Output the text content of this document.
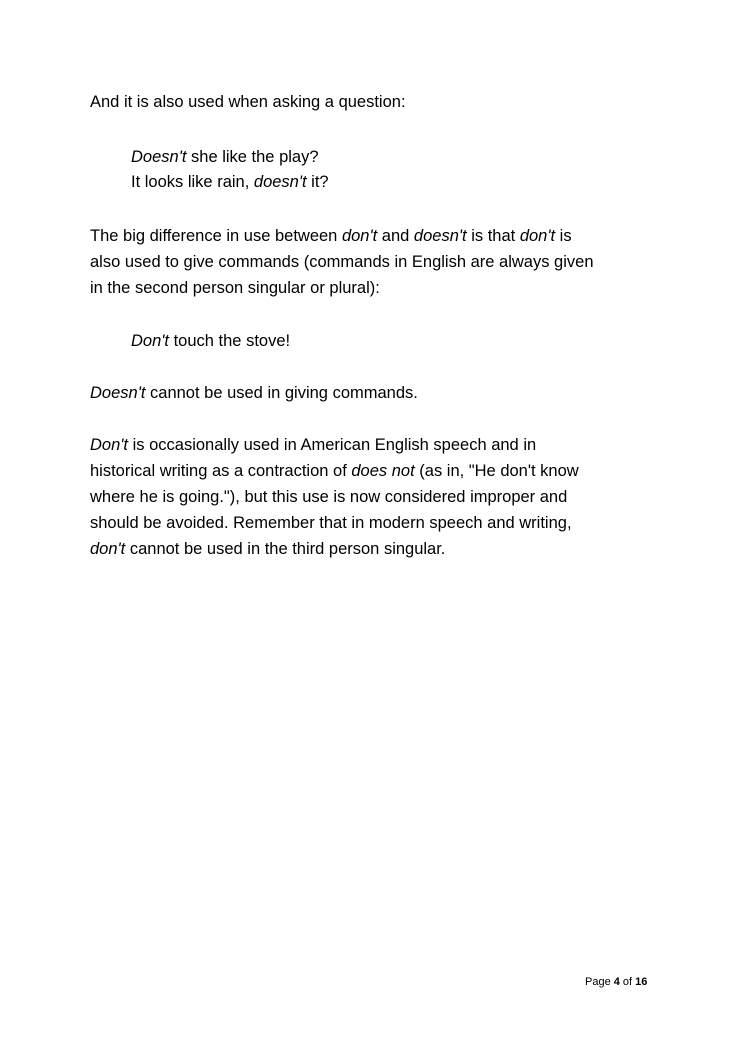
And it is also used when asking a question:
Doesn't she like the play?
It looks like rain, doesn't it?
The big difference in use between don't and doesn't is that don't is
also used to give commands (commands in English are always given
in the second person singular or plural):
Don't touch the stove!
Doesn't cannot be used in giving commands.
Don't is occasionally used in American English speech and in
historical writing as a contraction of does not (as in, "He don't know
where he is going."), but this use is now considered improper and
should be avoided. Remember that in modern speech and writing,
don't cannot be used in the third person singular.
Page 4 of 16
